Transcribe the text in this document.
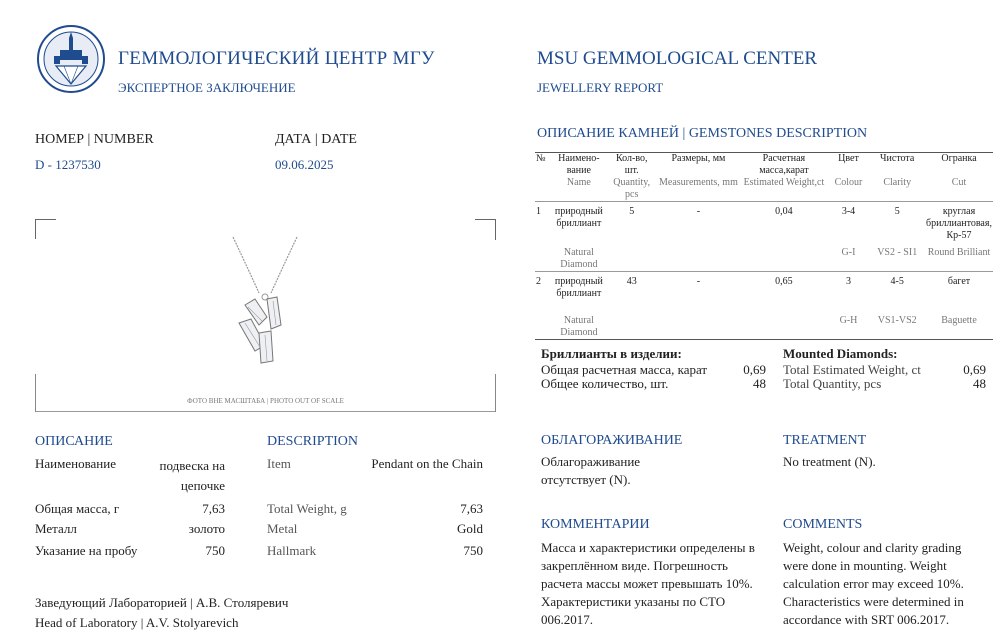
ГЕММОЛОГИЧЕСКИЙ ЦЕНТР МГУ
ЭКСПЕРТНОЕ ЗАКЛЮЧЕНИЕ
MSU GEMMOLOGICAL CENTER
JEWELLERY REPORT
НОМЕР | NUMBER
D - 1237530
ДАТА | DATE
09.06.2025
ФОТО ВНЕ МАСШТАБА | PHOTO OUT OF SCALE
ОПИСАНИЕ	DESCRIPTION
Наименование	подвеска на цепочке
Item	Pendant on the Chain
Общая масса, г	7,63	Total Weight, g	7,63
Металл	золото	Metal	Gold
Указание на пробу	750	Hallmark	750
Заведующий Лабораторией | А.В. Столяревич
Head of Laboratory | A.V. Stolyarevich
ОПИСАНИЕ КАМНЕЙ | GEMSTONES DESCRIPTION
№	Наимено-вание	Кол-во, шт.	Размеры, мм	Расчетная масса,карат	Цвет	Чистота	Огранка
	Name	Quantity, pcs	Measurements, mm	Estimated Weight,ct	Colour	Clarity	Cut
1	природный бриллиант	5	-	0,04	3-4	5	круглая бриллиантовая, Кр-57
	Natural Diamond				G-I	VS2 - SI1	Round Brilliant
2	природный бриллиант	43	-	0,65	3	4-5	багет
	Natural Diamond				G-H	VS1-VS2	Baguette
Бриллианты в изделии:
Общая расчетная масса, карат	0,69
Общее количество, шт.	48
Mounted Diamonds:
Total Estimated Weight, ct	0,69
Total Quantity, pcs	48
ОБЛАГОРАЖИВАНИЕ
Облагораживание отсутствует (N).
TREATMENT
No treatment (N).
КОММЕНТАРИИ
Масса и характеристики определены в закреплённом виде. Погрешность расчета массы может превышать 10%. Характеристики указаны по СТО 006.2017.
COMMENTS
Weight, colour and clarity grading were done in mounting. Weight calculation error may exceed 10%. Characteristics were determined in accordance with SRT 006.2017.
